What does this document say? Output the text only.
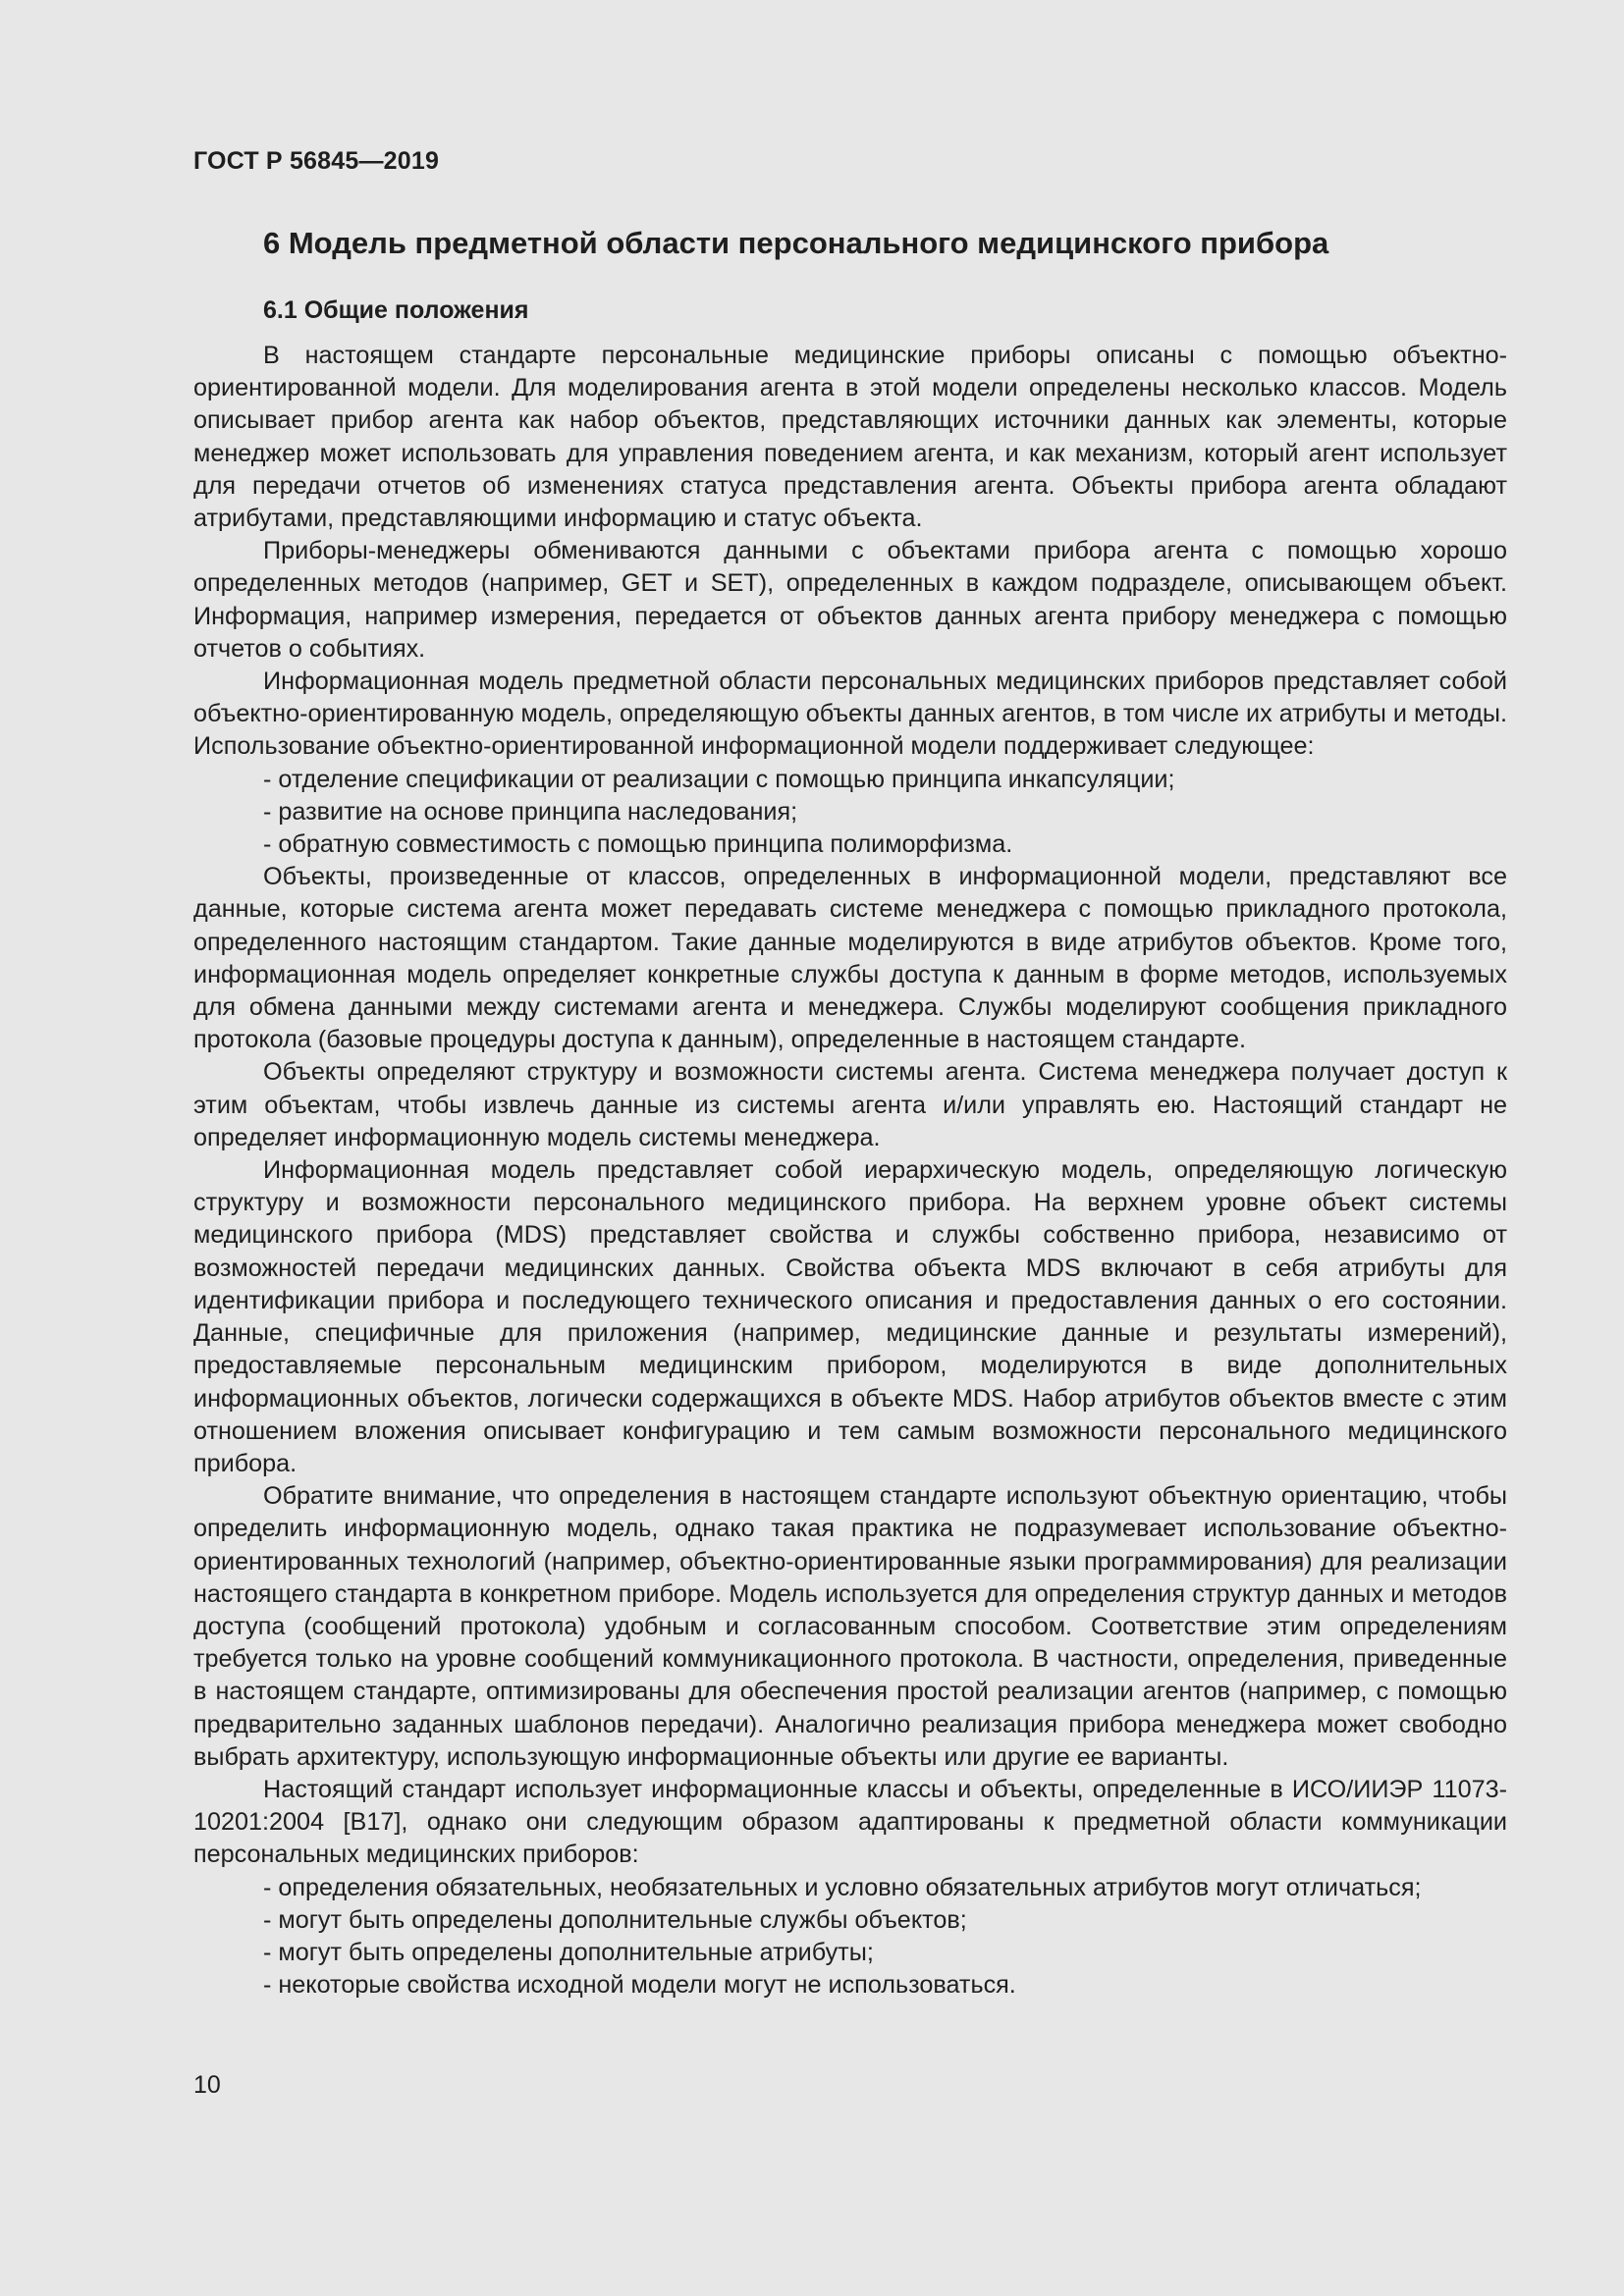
ГОСТ Р 56845—2019
6 Модель предметной области персонального медицинского прибора
6.1 Общие положения

В настоящем стандарте персональные медицинские приборы описаны с помощью объектно-ориентированной модели. Для моделирования агента в этой модели определены несколько классов. Модель описывает прибор агента как набор объектов, представляющих источники данных как элементы, которые менеджер может использовать для управления поведением агента, и как механизм, который агент использует для передачи отчетов об изменениях статуса представления агента. Объекты прибора агента обладают атрибутами, представляющими информацию и статус объекта.

Приборы-менеджеры обмениваются данными с объектами прибора агента с помощью хорошо определенных методов (например, GET и SET), определенных в каждом подразделе, описывающем объект. Информация, например измерения, передается от объектов данных агента прибору менеджера с помощью отчетов о событиях.

Информационная модель предметной области персональных медицинских приборов представляет собой объектно-ориентированную модель, определяющую объекты данных агентов, в том числе их атрибуты и методы. Использование объектно-ориентированной информационной модели поддерживает следующее:

- отделение спецификации от реализации с помощью принципа инкапсуляции;
- развитие на основе принципа наследования;
- обратную совместимость с помощью принципа полиморфизма.

Объекты, произведенные от классов, определенных в информационной модели, представляют все данные, которые система агента может передавать системе менеджера с помощью прикладного протокола, определенного настоящим стандартом. Такие данные моделируются в виде атрибутов объектов. Кроме того, информационная модель определяет конкретные службы доступа к данным в форме методов, используемых для обмена данными между системами агента и менеджера. Службы моделируют сообщения прикладного протокола (базовые процедуры доступа к данным), определенные в настоящем стандарте.

Объекты определяют структуру и возможности системы агента. Система менеджера получает доступ к этим объектам, чтобы извлечь данные из системы агента и/или управлять ею. Настоящий стандарт не определяет информационную модель системы менеджера.

Информационная модель представляет собой иерархическую модель, определяющую логическую структуру и возможности персонального медицинского прибора. На верхнем уровне объект системы медицинского прибора (MDS) представляет свойства и службы собственно прибора, независимо от возможностей передачи медицинских данных. Свойства объекта MDS включают в себя атрибуты для идентификации прибора и последующего технического описания и предоставления данных о его состоянии. Данные, специфичные для приложения (например, медицинские данные и результаты измерений), предоставляемые персональным медицинским прибором, моделируются в виде дополнительных информационных объектов, логически содержащихся в объекте MDS. Набор атрибутов объектов вместе с этим отношением вложения описывает конфигурацию и тем самым возможности персонального медицинского прибора.

Обратите внимание, что определения в настоящем стандарте используют объектную ориентацию, чтобы определить информационную модель, однако такая практика не подразумевает использование объектно-ориентированных технологий (например, объектно-ориентированные языки программирования) для реализации настоящего стандарта в конкретном приборе. Модель используется для определения структур данных и методов доступа (сообщений протокола) удобным и согласованным способом. Соответствие этим определениям требуется только на уровне сообщений коммуникационного протокола. В частности, определения, приведенные в настоящем стандарте, оптимизированы для обеспечения простой реализации агентов (например, с помощью предварительно заданных шаблонов передачи). Аналогично реализация прибора менеджера может свободно выбрать архитектуру, использующую информационные объекты или другие ее варианты.

Настоящий стандарт использует информационные классы и объекты, определенные в ИСО/ИИЭР 11073-10201:2004 [B17], однако они следующим образом адаптированы к предметной области коммуникации персональных медицинских приборов:

- определения обязательных, необязательных и условно обязательных атрибутов могут отличаться;
- могут быть определены дополнительные службы объектов;
- могут быть определены дополнительные атрибуты;
- некоторые свойства исходной модели могут не использоваться.
10
